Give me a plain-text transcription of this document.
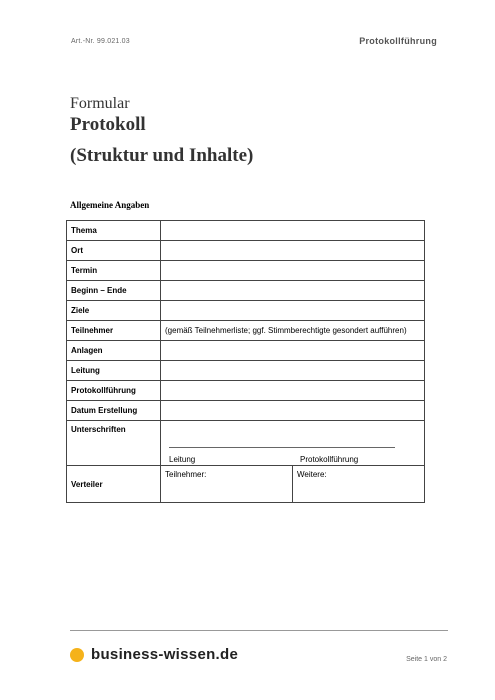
Art.-Nr. 99.021.03	Protokollführung
Formular
Protokoll
(Struktur und Inhalte)
Allgemeine Angaben
Thema	
Ort	
Termin	
Beginn – Ende	
Ziele	
Teilnehmer	(gemäß Teilnehmerliste; ggf. Stimmberechtigte gesondert aufführen)
Anlagen	
Leitung	
Protokollführung	
Datum Erstellung	
Unterschriften	Leitung Protokollführung

Verteiler	Teilnehmer: Weitere:
business-wissen.de	Seite 1 von 2
